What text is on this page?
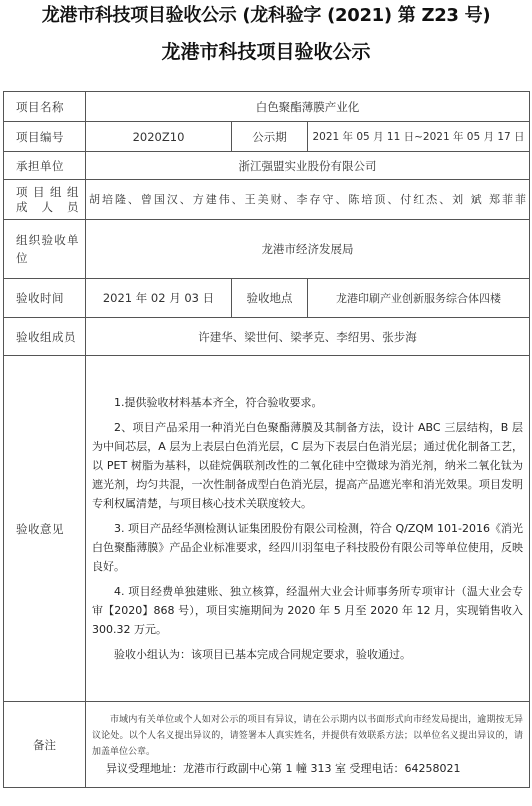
龙港市科技项目验收公示 (龙科验字 (2021) 第 Z23 号)
龙港市科技项目验收公示
项目名称	白色聚酯薄膜产业化		
项目编号	2020Z10	公示期	2021 年 05 月 11 日~2021 年 05 月 17 日
承担单位	浙江强盟实业股份有限公司		
项 目 组 组成人员	胡培隆、曾国汉、方建伟、王美财、李存守、陈培顶、付红杰、刘 斌 郑菲菲		
组织验收单 位	龙港市经济发展局		
验收时间	2021 年 02 月 03 日	验收地点	龙港印刷产业创新服务综合体四楼
验收组成员	许建华、梁世何、梁孝克、李绍男、张步海		
验收意见	1.提供验收材料基本齐全，符合验收要求。

2、项目产品采用一种消光白色聚酯薄膜及其制备方法，设计 ABC 三层结构，B 层为中间芯层，A 层为上表层白色消光层，C 层为下表层白色消光层；通过优化制备工艺，以 PET 树脂为基料，以硅烷偶联剂改性的二氧化硅中空微球为消光剂，纳米二氧化钛为遮光剂，均匀共混，一次性制备成型白色消光层，提高产品遮光率和消光效果。项目发明专利权属清楚，与项目核心技术关联度较大。

3. 项目产品经华测检测认证集团股份有限公司检测，符合 Q/ZQM 101-2016《消光白色聚酯薄膜》产品企业标准要求，经四川羽玺电子科技股份有限公司等单位使用，反映良好。

4. 项目经费单独建账、独立核算，经温州大业会计师事务所专项审计（温大业会专审【2020】868 号），项目实施期间为 2020 年 5 月至 2020 年 12 月，实现销售收入 300.32 万元。

验收小组认为：该项目已基本完成合同规定要求，验收通过。		

备注	市域内有关单位或个人如对公示的项目有异议，请在公示期内以书面形式向市经发局提出，逾期按无异议论处。以个人名义提出异议的，请签署本人真实姓名，并提供有效联系方法；以单位名义提出异议的，请加盖单位公章。

异议受理地址：龙港市行政副中心第 1 幢 313 室 受理电话：64258021		
